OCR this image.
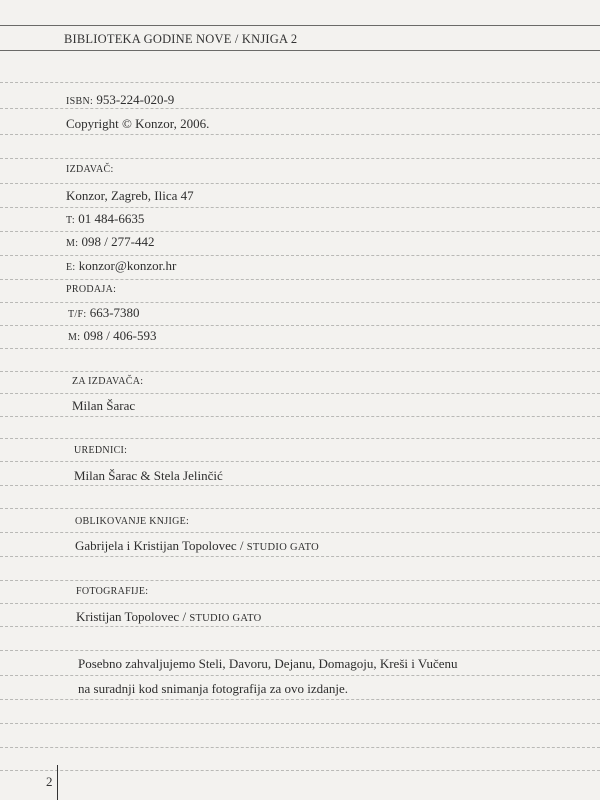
BIBLIOTEKA GODINE NOVE / KNJIGA 2
ISBN: 953-224-020-9
Copyright © Konzor, 2006.
IZDAVAČ:
Konzor, Zagreb, Ilica 47
T: 01 484-6635
M: 098 / 277-442
E: konzor@konzor.hr
PRODAJA:
T/F: 663-7380
M: 098 / 406-593
ZA IZDAVAČA:
Milan Šarac
UREDNICI:
Milan Šarac & Stela Jelinčić
OBLIKOVANJE KNJIGE:
Gabrijela i Kristijan Topolovec / STUDIO GATO
FOTOGRAFIJE:
Kristijan Topolovec / STUDIO GATO
Posebno zahvaljujemo Steli, Davoru, Dejanu, Domagoju, Kreši i Vučenu
na suradnji kod snimanja fotografija za ovo izdanje.
2
